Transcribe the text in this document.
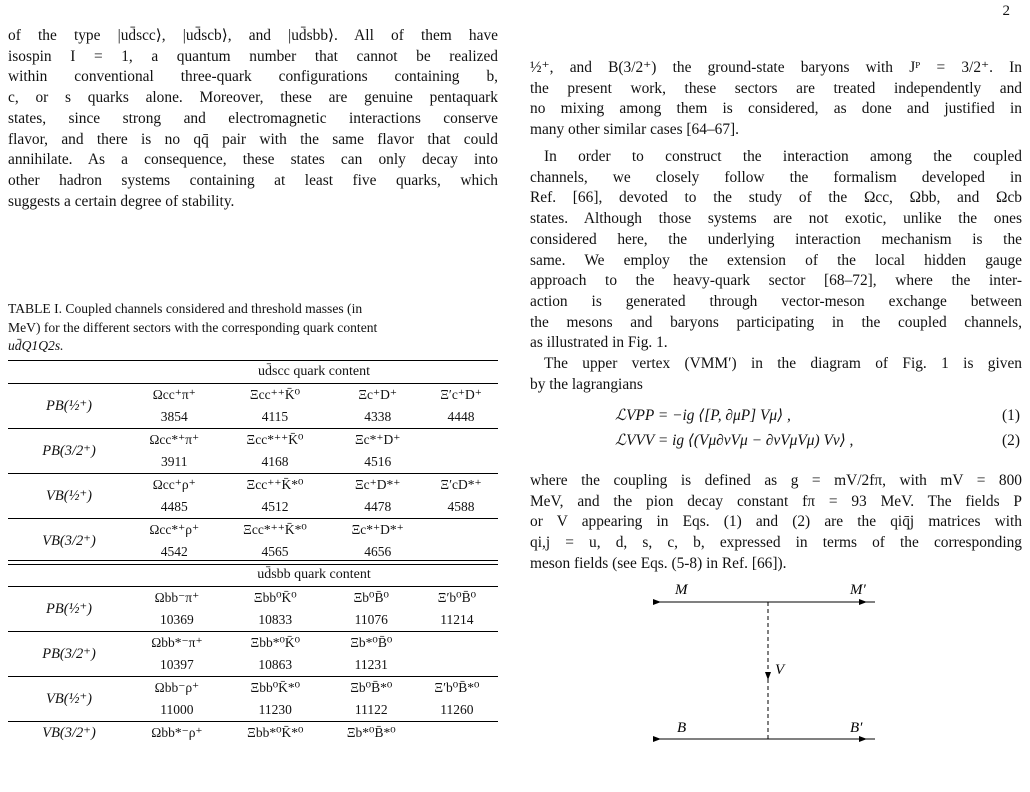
2
of the type |ud̄scc⟩, |ud̄scb⟩, and |ud̄sbb⟩. All of them have
isospin I = 1, a quantum number that cannot be realized
within conventional three-quark configurations containing b,
c, or s quarks alone. Moreover, these are genuine pentaquark
states, since strong and electromagnetic interactions conserve
flavor, and there is no qq̄ pair with the same flavor that could
annihilate. As a consequence, these states can only decay into
other hadron systems containing at least five quarks, which
suggests a certain degree of stability.
TABLE I. Coupled channels considered and threshold masses (in
MeV) for the different sectors with the corresponding quark content
ud̄Q1Q2s.
	ud̄scc quark content			
PB(½⁺)	Ωcc⁺π⁺	Ξcc⁺⁺K̄⁰	Ξc⁺D⁺	Ξ′c⁺D⁺
	3854	4115	4338	4448
PB(3/2⁺)	Ωcc*⁺π⁺	Ξcc*⁺⁺K̄⁰	Ξc*⁺D⁺	
	3911	4168	4516	
VB(½⁺)	Ωcc⁺ρ⁺	Ξcc⁺⁺K̄*⁰	Ξc⁺D*⁺	Ξ′cD*⁺
	4485	4512	4478	4588
VB(3/2⁺)	Ωcc*⁺ρ⁺	Ξcc*⁺⁺K̄*⁰	Ξc*⁺D*⁺	
	4542	4565	4656	
	ud̄sbb quark content			
PB(½⁺)	Ωbb⁻π⁺	Ξbb⁰K̄⁰	Ξb⁰B̄⁰	Ξ′b⁰B̄⁰
	10369	10833	11076	11214
PB(3/2⁺)	Ωbb*⁻π⁺	Ξbb*⁰K̄⁰	Ξb*⁰B̄⁰	
	10397	10863	11231	
VB(½⁺)	Ωbb⁻ρ⁺	Ξbb⁰K̄*⁰	Ξb⁰B̄*⁰	Ξ′b⁰B̄*⁰
	11000	11230	11122	11260
VB(3/2⁺)	Ωbb*⁻ρ⁺	Ξbb*⁰K̄*⁰	Ξb*⁰B̄*⁰	
½⁺, and B(3/2⁺) the ground-state baryons with Jᴾ = 3/2⁺. In
the present work, these sectors are treated independently and
no mixing among them is considered, as done and justified in
many other similar cases [64–67].
In order to construct the interaction among the coupled
channels, we closely follow the formalism developed in
Ref. [66], devoted to the study of the Ωcc, Ωbb, and Ωcb
states. Although those systems are not exotic, unlike the ones
considered here, the underlying interaction mechanism is the
same. We employ the extension of the local hidden gauge
approach to the heavy-quark sector [68–72], where the inter-
action is generated through vector-meson exchange between
the mesons and baryons participating in the coupled channels,
as illustrated in Fig. 1.
The upper vertex (VMM′) in the diagram of Fig. 1 is given
by the lagrangians
ℒVPP = −ig ⟨[P, ∂μP] Vμ⟩ ,	(1)
ℒVVV = ig ⟨(Vμ∂νVμ − ∂νVμVμ) Vν⟩ ,	(2)
where the coupling is defined as g = mV/2fπ, with mV = 800
MeV, and the pion decay constant fπ = 93 MeV. The fields P
or V appearing in Eqs. (1) and (2) are the qiq̄j matrices with
qi,j = u, d, s, c, b, expressed in terms of the corresponding
meson fields (see Eqs. (5-8) in Ref. [66]).
M	M′
V
B	B′
